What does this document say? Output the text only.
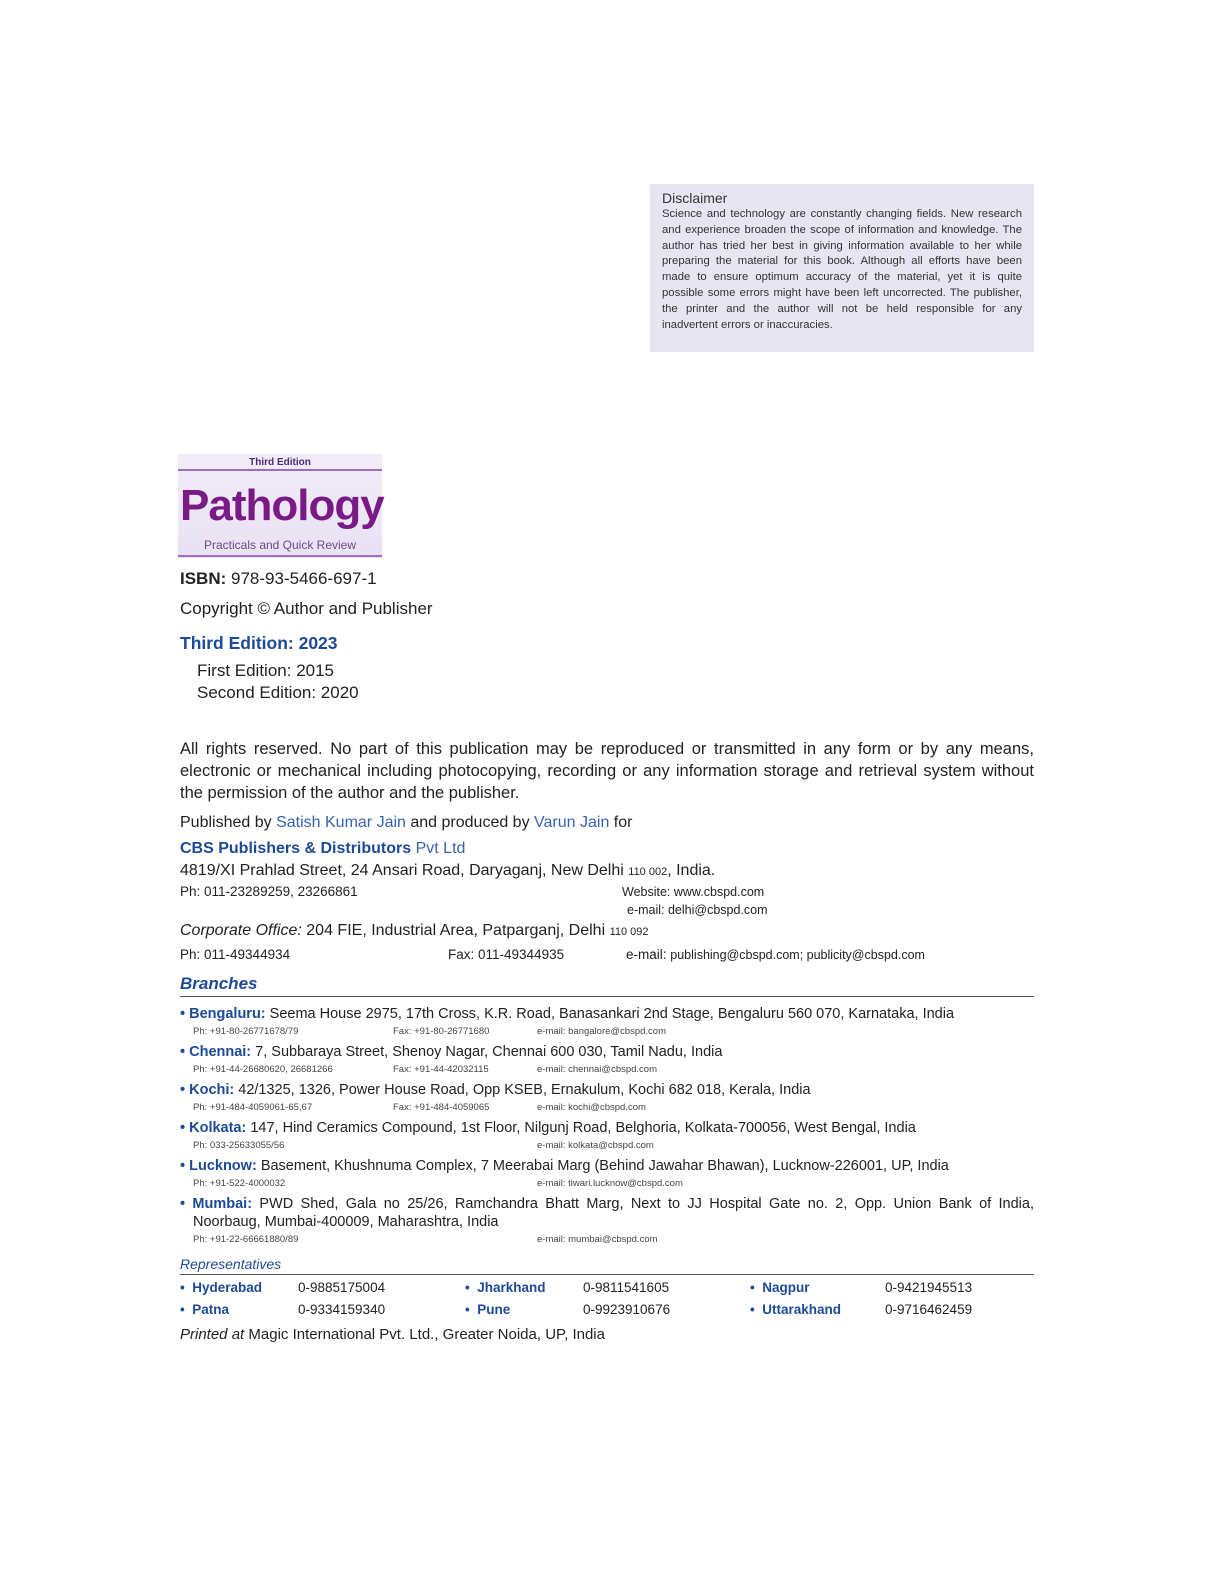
Disclaimer
Science and technology are constantly changing fields. New research and experience broaden the scope of information and knowledge. The author has tried her best in giving information available to her while preparing the material for this book. Although all efforts have been made to ensure optimum accuracy of the material, yet it is quite possible some errors might have been left uncorrected. The publisher, the printer and the author will not be held responsible for any inadvertent errors or inaccuracies.
Third Edition
Pathology
Practicals and Quick Review
ISBN: 978-93-5466-697-1
Copyright © Author and Publisher
Third Edition: 2023
First Edition: 2015
Second Edition: 2020
All rights reserved. No part of this publication may be reproduced or transmitted in any form or by any means, electronic or mechanical including photocopying, recording or any information storage and retrieval system without the permission of the author and the publisher.
Published by Satish Kumar Jain and produced by Varun Jain for
CBS Publishers & Distributors Pvt Ltd
4819/XI Prahlad Street, 24 Ansari Road, Daryaganj, New Delhi 110 002, India.
Ph: 011-23289259, 23266861	Website: www.cbspd.com
e-mail: delhi@cbspd.com
Corporate Office: 204 FIE, Industrial Area, Patparganj, Delhi 110 092
Ph: 011-49344934	Fax: 011-49344935	e-mail: publishing@cbspd.com; publicity@cbspd.com
Branches
• Bengaluru: Seema House 2975, 17th Cross, K.R. Road, Banasankari 2nd Stage, Bengaluru 560 070, Karnataka, India
Ph: +91-80-26771678/79	Fax: +91-80-26771680	e-mail: bangalore@cbspd.com
• Chennai: 7, Subbaraya Street, Shenoy Nagar, Chennai 600 030, Tamil Nadu, India
Ph: +91-44-26680620, 26681266	Fax: +91-44-42032115	e-mail: chennai@cbspd.com
• Kochi: 42/1325, 1326, Power House Road, Opp KSEB, Ernakulum, Kochi 682 018, Kerala, India
Ph: +91-484-4059061-65,67	Fax: +91-484-4059065	e-mail: kochi@cbspd.com
• Kolkata: 147, Hind Ceramics Compound, 1st Floor, Nilgunj Road, Belghoria, Kolkata-700056, West Bengal, India
Ph: 033-25633055/56	e-mail: kolkata@cbspd.com
• Lucknow: Basement, Khushnuma Complex, 7 Meerabai Marg (Behind Jawahar Bhawan), Lucknow-226001, UP, India
Ph: +91-522-4000032	e-mail: tiwari.lucknow@cbspd.com
• Mumbai: PWD Shed, Gala no 25/26, Ramchandra Bhatt Marg, Next to JJ Hospital Gate no. 2, Opp. Union Bank of India, Noorbaug, Mumbai-400009, Maharashtra, India
Ph: +91-22-66661880/89	e-mail: mumbai@cbspd.com
Representatives
•  Hyderabad	0-9885175004	•  Jharkhand	0-9811541605	•  Nagpur	0-9421945513
•  Patna	0-9334159340	•  Pune	0-9923910676	•  Uttarakhand	0-9716462459
Printed at Magic International Pvt. Ltd., Greater Noida, UP, India
